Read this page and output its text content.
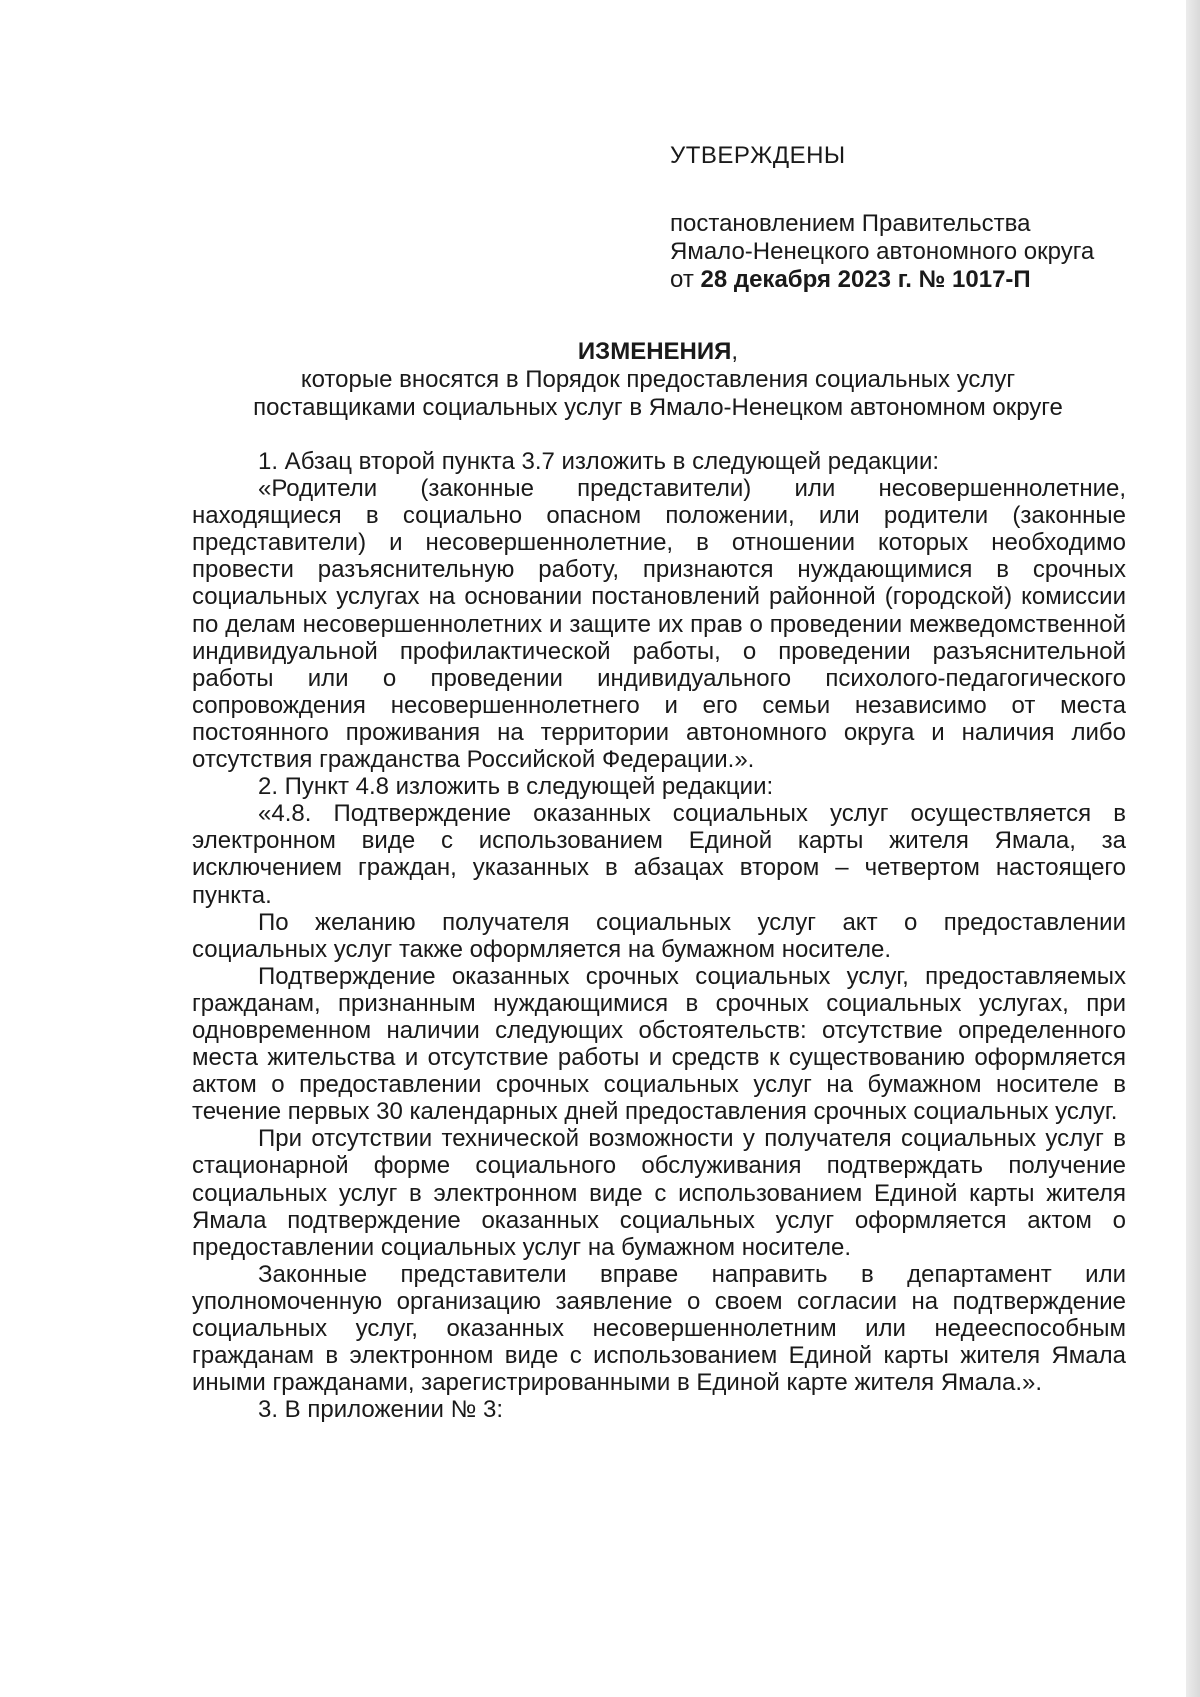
УТВЕРЖДЕНЫ
постановлением Правительства
Ямало-Ненецкого автономного округа
от 28 декабря 2023 г. № 1017-П
ИЗМЕНЕНИЯ,
которые вносятся в Порядок предоставления социальных услуг
поставщиками социальных услуг в Ямало-Ненецком автономном округе

1. Абзац второй пункта 3.7 изложить в следующей редакции:

«Родители (законные представители) или несовершеннолетние, находящиеся в социально опасном положении, или родители (законные представители) и несовершеннолетние, в отношении которых необходимо провести разъяснительную работу, признаются нуждающимися в срочных социальных услугах на основании постановлений районной (городской) комиссии по делам несовершеннолетних и защите их прав о проведении межведомственной индивидуальной профилактической работы, о проведении разъяснительной работы или о проведении индивидуального психолого-педагогического сопровождения несовершеннолетнего и его семьи независимо от места постоянного проживания на территории автономного округа и наличия либо отсутствия гражданства Российской Федерации.».

2. Пункт 4.8 изложить в следующей редакции:

«4.8. Подтверждение оказанных социальных услуг осуществляется в электронном виде с использованием Единой карты жителя Ямала, за исключением граждан, указанных в абзацах втором – четвертом настоящего пункта.

По желанию получателя социальных услуг акт о предоставлении социальных услуг также оформляется на бумажном носителе.

Подтверждение оказанных срочных социальных услуг, предоставляемых гражданам, признанным нуждающимися в срочных социальных услугах, при одновременном наличии следующих обстоятельств: отсутствие определенного места жительства и отсутствие работы и средств к существованию оформляется актом о предоставлении срочных социальных услуг на бумажном носителе в течение первых 30 календарных дней предоставления срочных социальных услуг.

При отсутствии технической возможности у получателя социальных услуг в стационарной форме социального обслуживания подтверждать получение социальных услуг в электронном виде с использованием Единой карты жителя Ямала подтверждение оказанных социальных услуг оформляется актом о предоставлении социальных услуг на бумажном носителе.

Законные представители вправе направить в департамент или уполномоченную организацию заявление о своем согласии на подтверждение социальных услуг, оказанных несовершеннолетним или недееспособным гражданам в электронном виде с использованием Единой карты жителя Ямала иными гражданами, зарегистрированными в Единой карте жителя Ямала.».

3. В приложении № 3:
